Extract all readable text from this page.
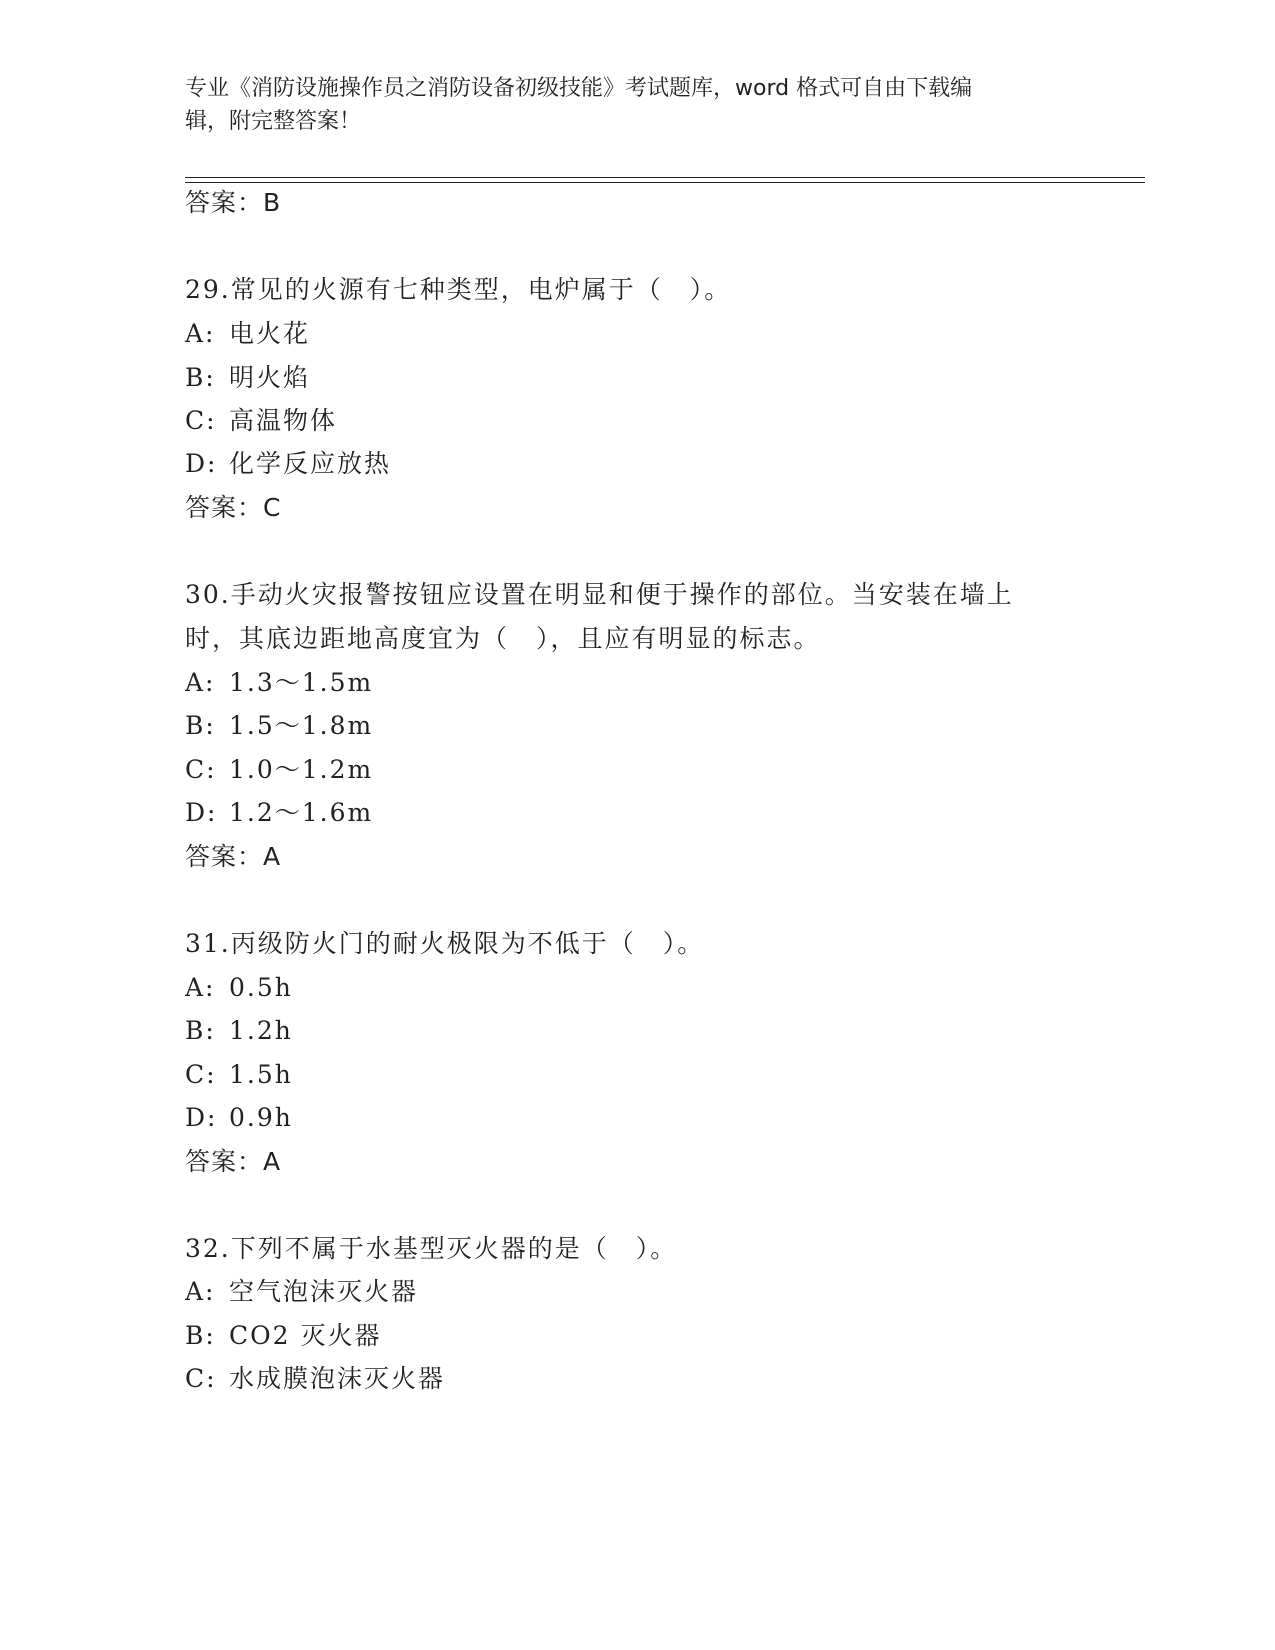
专业《消防设施操作员之消防设备初级技能》考试题库，word 格式可自由下载编
辑，附完整答案！
答案：B
29.常见的火源有七种类型，电炉属于（　）。
A: 电火花
B: 明火焰
C: 高温物体
D: 化学反应放热
答案：C
30.手动火灾报警按钮应设置在明显和便于操作的部位。当安装在墙上
时，其底边距地高度宜为（　），且应有明显的标志。
A: 1.3～1.5m
B: 1.5～1.8m
C: 1.0～1.2m
D: 1.2～1.6m
答案：A
31.丙级防火门的耐火极限为不低于（　）。
A: 0.5h
B: 1.2h
C: 1.5h
D: 0.9h
答案：A
32.下列不属于水基型灭火器的是（　）。
A: 空气泡沫灭火器
B: CO2 灭火器
C: 水成膜泡沫灭火器
